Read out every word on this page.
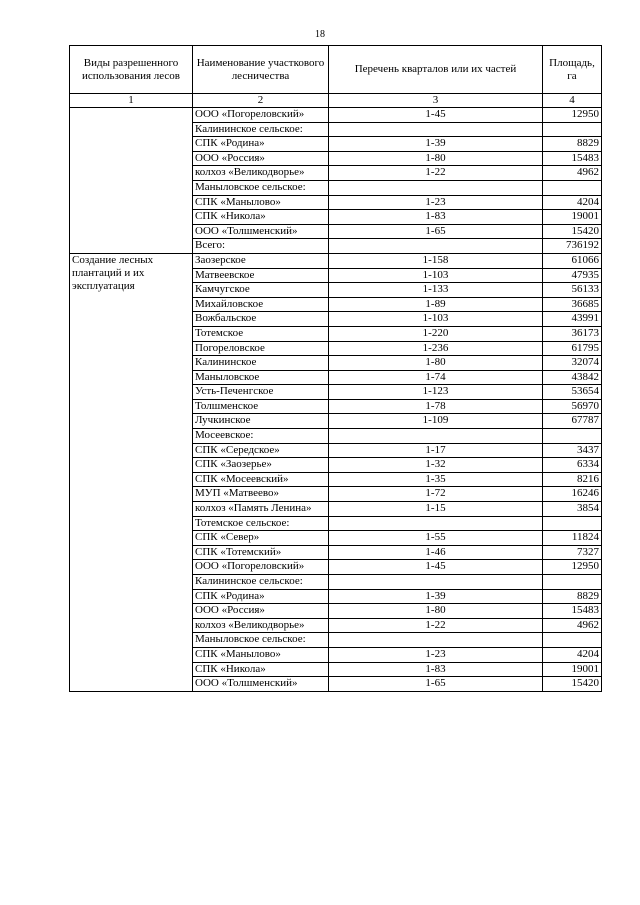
18
Виды разрешенного использования лесов	Наименование участкового лесничества	Перечень кварталов или их частей	Площадь, га
1	2	3	4
	ООО «Погореловский»	1-45	12950
	Калининское сельское:		
	СПК «Родина»	1-39	8829
	ООО «Россия»	1-80	15483
	колхоз «Великодворье»	1-22	4962
	Маныловское сельское:		
	СПК «Манылово»	1-23	4204
	СПК «Никола»	1-83	19001
	ООО «Толшменский»	1-65	15420
	Всего:		736192
Создание лесных плантаций и их эксплуатация	Заозерское	1-158	61066
	Матвеевское	1-103	47935
	Камчугское	1-133	56133
	Михайловское	1-89	36685
	Вожбальское	1-103	43991
	Тотемское	1-220	36173
	Погореловское	1-236	61795
	Калининское	1-80	32074
	Маныловское	1-74	43842
	Усть-Печенгское	1-123	53654
	Толшменское	1-78	56970
	Лучкинское	1-109	67787
	Мосеевское:		
	СПК «Середское»	1-17	3437
	СПК «Заозерье»	1-32	6334
	СПК «Мосеевский»	1-35	8216
	МУП «Матвеево»	1-72	16246
	колхоз «Память Ленина»	1-15	3854
	Тотемское сельское:		
	СПК «Север»	1-55	11824
	СПК «Тотемский»	1-46	7327
	ООО «Погореловский»	1-45	12950
	Калининское сельское:		
	СПК «Родина»	1-39	8829
	ООО «Россия»	1-80	15483
	колхоз «Великодворье»	1-22	4962
	Маныловское сельское:		
	СПК «Манылово»	1-23	4204
	СПК «Никола»	1-83	19001
	ООО «Толшменский»	1-65	15420
